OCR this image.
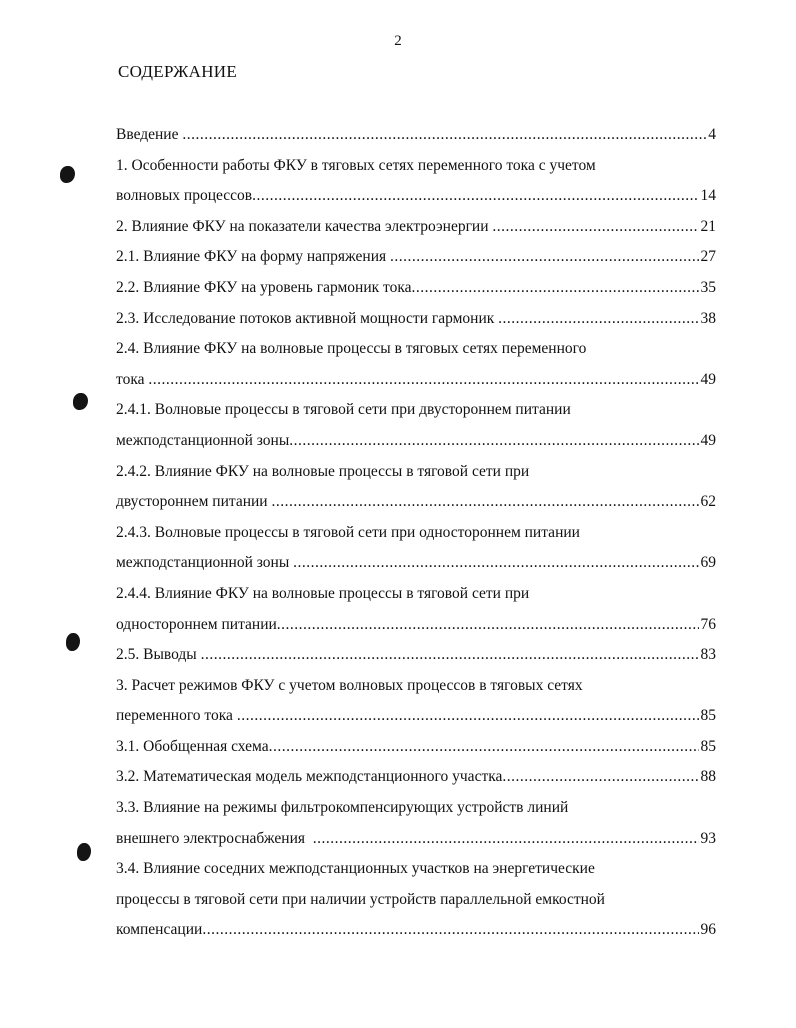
2
СОДЕРЖАНИЕ
Введение .....	4
1. Особенности работы ФКУ в тяговых сетях переменного тока с учетом
волновых процессов .....	14
2. Влияние ФКУ на показатели качества электроэнергии .....	21
2.1. Влияние ФКУ на форму напряжения .....	27
2.2. Влияние ФКУ на уровень гармоник тока .....	35
2.3. Исследование потоков активной мощности гармоник .....	38
2.4. Влияние ФКУ на волновые процессы в тяговых сетях переменного
тока .....	49
2.4.1. Волновые процессы в тяговой сети при двустороннем питании
межподстанционной зоны .....	49
2.4.2. Влияние ФКУ на волновые процессы в тяговой сети при
двустороннем питании .....	62
2.4.3. Волновые процессы в тяговой сети при одностороннем питании
межподстанционной зоны .....	69
2.4.4. Влияние ФКУ на волновые процессы в тяговой сети при
одностороннем питании .....	76
2.5. Выводы .....	83
3. Расчет режимов ФКУ с учетом волновых процессов в тяговых сетях
переменного тока .....	85
3.1. Обобщенная схема .....	85
3.2. Математическая модель межподстанционного участка .....	88
3.3. Влияние на режимы фильтрокомпенсирующих устройств линий
внешнего электроснабжения .....	93
3.4. Влияние соседних межподстанционных участков на энергетические
процессы в тяговой сети при наличии устройств параллельной емкостной
компенсации .....	96
